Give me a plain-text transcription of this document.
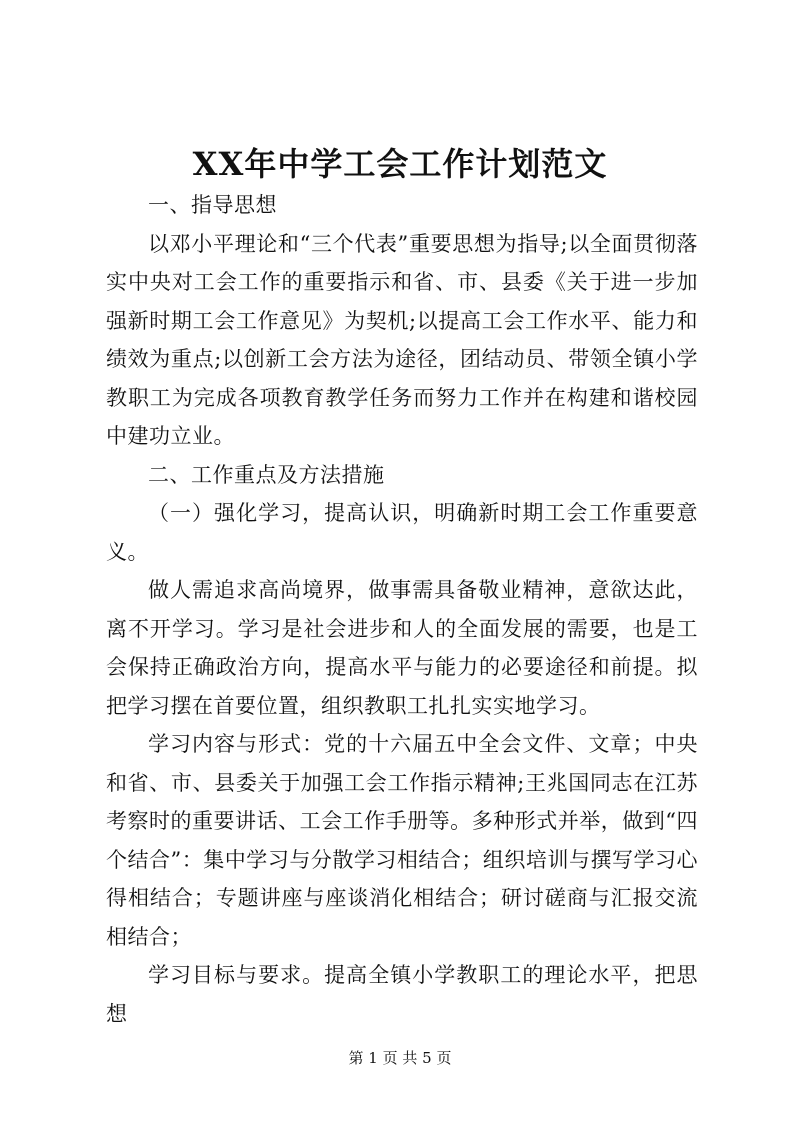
XX年中学工会工作计划范文

一、指导思想

以邓小平理论和“三个代表”重要思想为指导;以全面贯彻落实中央对工会工作的重要指示和省、市、县委《关于进一步加强新时期工会工作意见》为契机;以提高工会工作水平、能力和绩效为重点;以创新工会方法为途径，团结动员、带领全镇小学教职工为完成各项教育教学任务而努力工作并在构建和谐校园中建功立业。

二、工作重点及方法措施

（一）强化学习，提高认识，明确新时期工会工作重要意义。

做人需追求高尚境界，做事需具备敬业精神，意欲达此，离不开学习。学习是社会进步和人的全面发展的需要，也是工会保持正确政治方向，提高水平与能力的必要途径和前提。拟把学习摆在首要位置，组织教职工扎扎实实地学习。

学习内容与形式：党的十六届五中全会文件、文章；中央和省、市、县委关于加强工会工作指示精神;王兆国同志在江苏考察时的重要讲话、工会工作手册等。多种形式并举，做到“四个结合”：集中学习与分散学习相结合；组织培训与撰写学习心得相结合；专题讲座与座谈消化相结合；研讨磋商与汇报交流相结合；

学习目标与要求。提高全镇小学教职工的理论水平，把思想

第 1 页 共 5 页
